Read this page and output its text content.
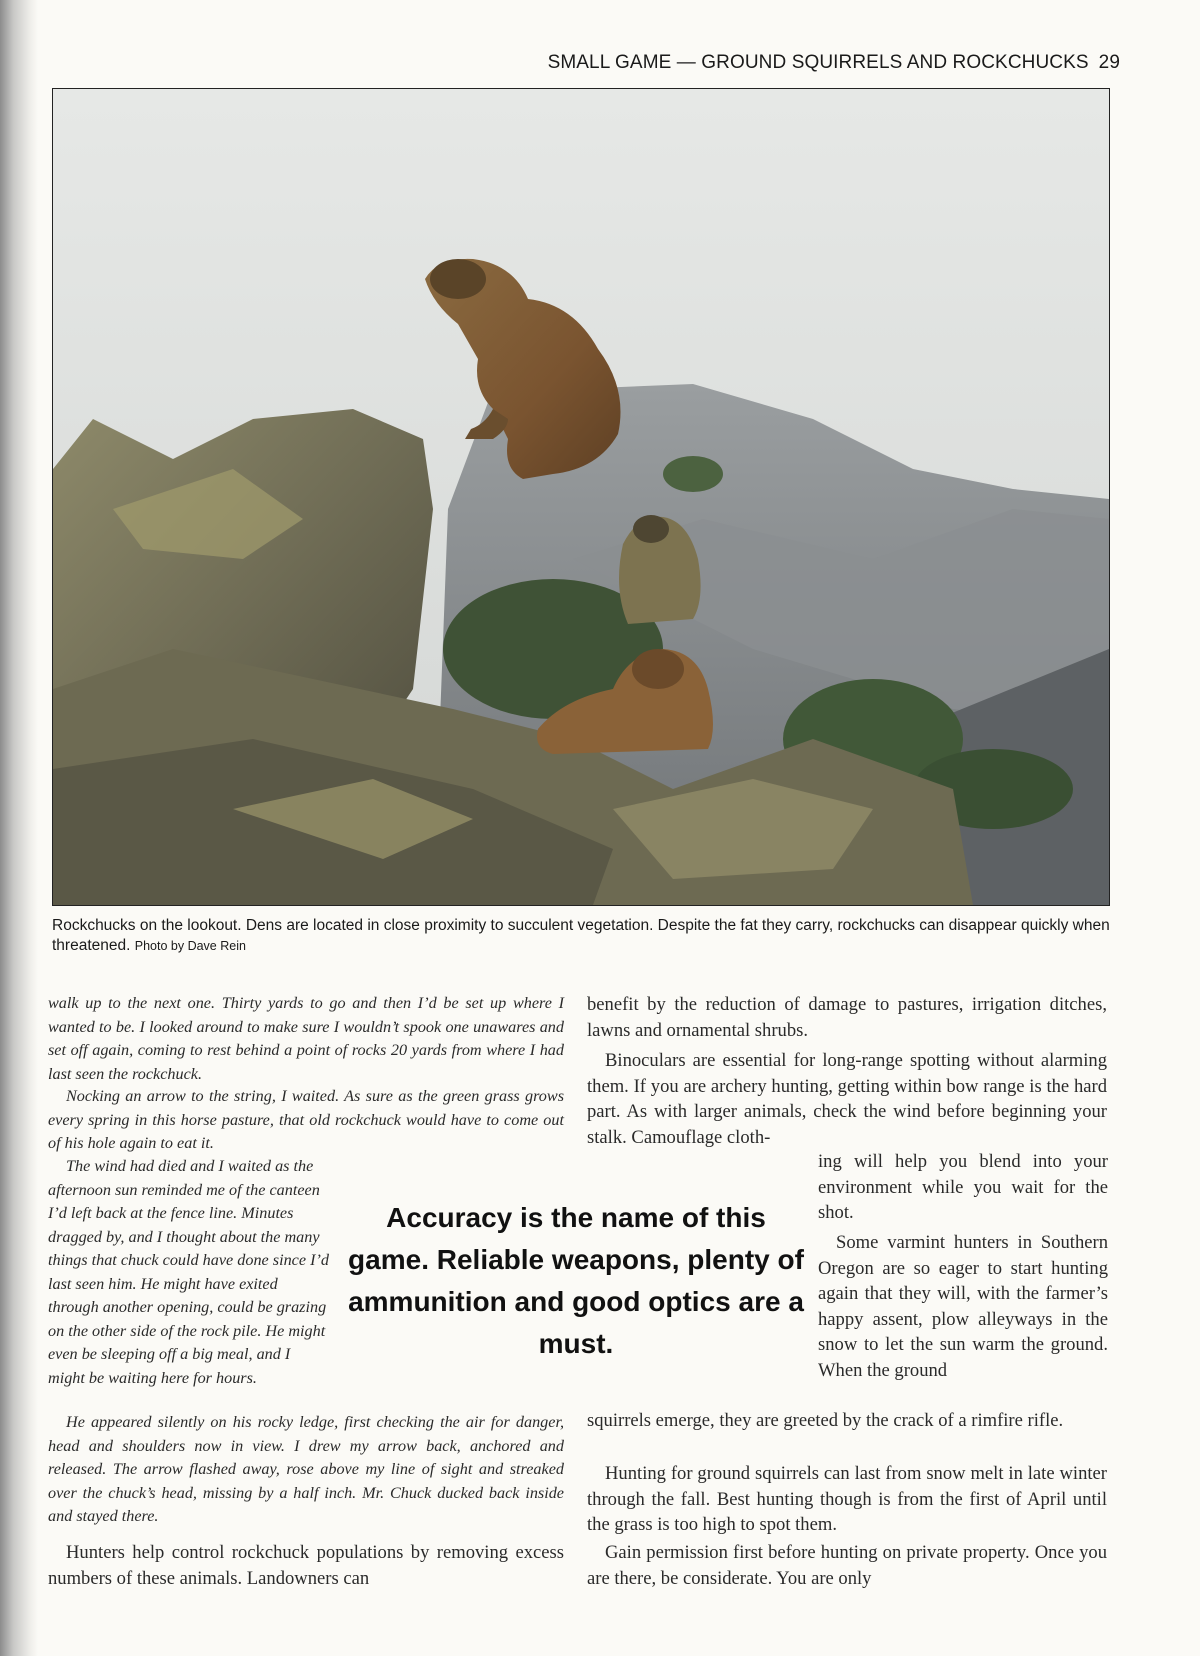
SMALL GAME — GROUND SQUIRRELS AND ROCKCHUCKS 29
Rockchucks on the lookout. Dens are located in close proximity to succulent vegetation. Despite the fat they carry, rockchucks can disappear quickly when threatened. Photo by Dave Rein

walk up to the next one. Thirty yards to go and then I’d be set up where I wanted to be. I looked around to make sure I wouldn’t spook one unawares and set off again, coming to rest behind a point of rocks 20 yards from where I had last seen the rockchuck.

Nocking an arrow to the string, I waited. As sure as the green grass grows every spring in this horse pasture, that old rockchuck would have to come out of his hole again to eat it.

The wind had died and I waited as the afternoon sun reminded me of the canteen I’d left back at the fence line. Minutes dragged by, and I thought about the many things that chuck could have done since I’d last seen him. He might have exited through another opening, could be grazing on the other side of the rock pile. He might even be sleeping off a big meal, and I might be waiting here for hours.

He appeared silently on his rocky ledge, first checking the air for danger, head and shoulders now in view. I drew my arrow back, anchored and released. The arrow flashed away, rose above my line of sight and streaked over the chuck’s head, missing by a half inch. Mr. Chuck ducked back inside and stayed there.

Hunters help control rockchuck populations by removing excess numbers of these animals. Landowners can

benefit by the reduction of damage to pastures, irrigation ditches, lawns and ornamental shrubs.

Binoculars are essential for long-range spotting without alarming them. If you are archery hunting, getting within bow range is the hard part. As with larger animals, check the wind before beginning your stalk. Camouflage cloth-

ing will help you blend into your environment while you wait for the shot.

Some varmint hunters in Southern Oregon are so eager to start hunting again that they will, with the farmer’s happy assent, plow alleyways in the snow to let the sun warm the ground. When the ground

squirrels emerge, they are greeted by the crack of a rimfire rifle.

Hunting for ground squirrels can last from snow melt in late winter through the fall. Best hunting though is from the first of April until the grass is too high to spot them.

Gain permission first before hunting on private property. Once you are there, be considerate. You are only

Accuracy is the name of this game. Reliable weapons, plenty of ammunition and good optics are a must.
